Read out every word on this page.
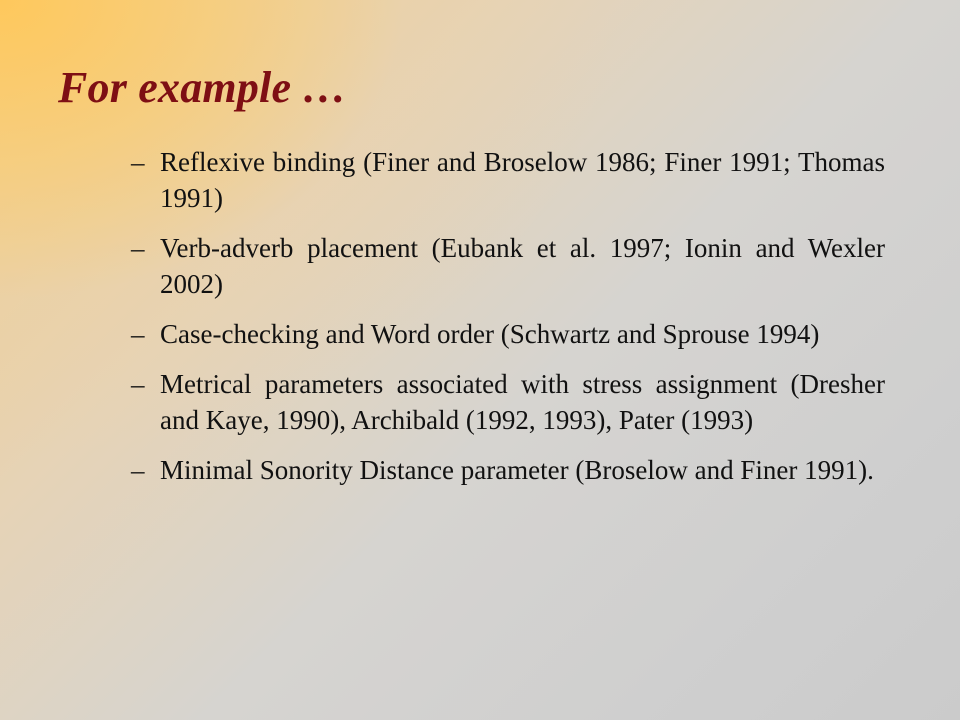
For example …
– Reflexive binding (Finer and Broselow 1986; Finer 1991; Thomas 1991)
– Verb-adverb placement (Eubank et al. 1997; Ionin and Wexler 2002)
– Case-checking and Word order (Schwartz and Sprouse 1994)
– Metrical parameters associated with stress assignment (Dresher and Kaye, 1990), Archibald (1992, 1993), Pater (1993)
– Minimal Sonority Distance parameter (Broselow and Finer 1991).
